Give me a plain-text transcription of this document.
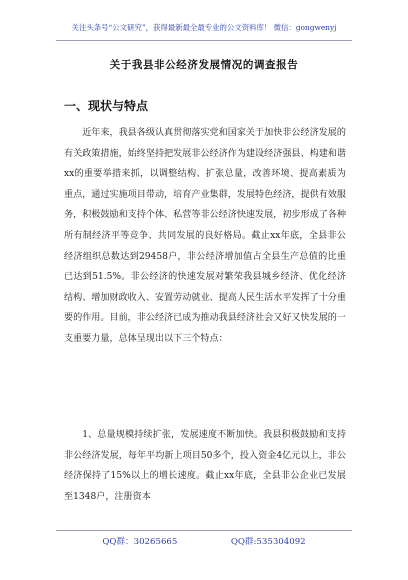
关注头条号“公文研究”，获得最新最全最专业的公文资料库！ 微信：gongwenyj
关于我县非公经济发展情况的调查报告
一、现状与特点

近年来，我县各级认真贯彻落实党和国家关于加快非公经济发展的有关政策措施，始终坚持把发展非公经济作为建设经济强县、构建和谐xx的重要举措来抓，以调整结构、扩张总量，改善环境、提高素质为重点，通过实施项目带动，培育产业集群，发展特色经济，提供有效服务，积极鼓励和支持个体、私营等非公经济快速发展，初步形成了各种所有制经济平等竞争、共同发展的良好格局。截止xx年底，全县非公经济组织总数达到29458户，非公经济增加值占全县生产总值的比重已达到51.5%。非公经济的快速发展对繁荣我县城乡经济、优化经济结构、增加财政收入、安置劳动就业、提高人民生活水平发挥了十分重要的作用。目前，非公经济已成为推动我县经济社会又好又快发展的一支重要力量，总体呈现出以下三个特点：

1、总量规模持续扩张，发展速度不断加快。我县积极鼓励和支持非公经济发展，每年平均新上项目50多个，投入资金4亿元以上，非公经济保持了15%以上的增长速度。截止xx年底，全县非公企业已发展至1348户，注册资本

QQ群：30265665	QQ群:535304092
